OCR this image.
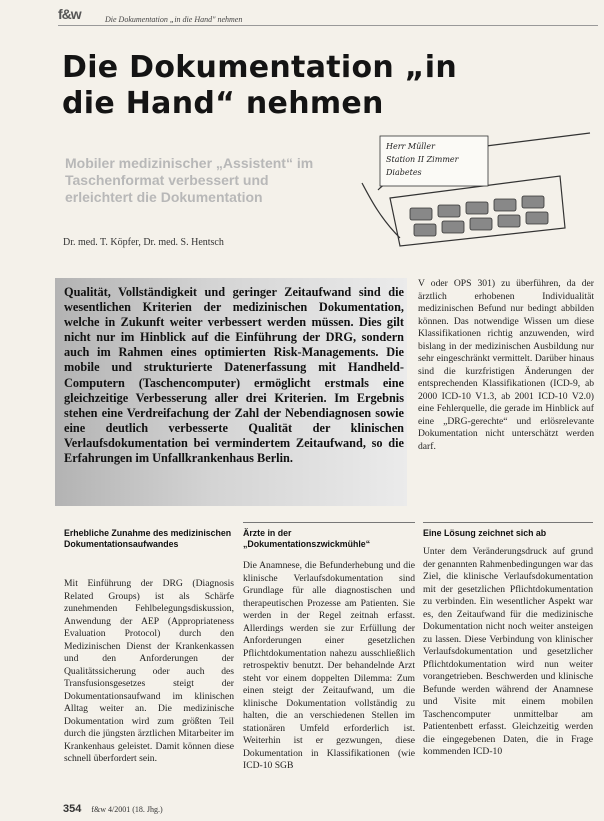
f&w	Die Dokumentation „in die Hand" nehmen
Die Dokumentation „in die Hand“ nehmen
Mobiler medizinischer „Assistent“ im Taschenformat verbessert und erleichtert die Dokumentation
Dr. med. T. Köpfer, Dr. med. S. Hentsch
Herr Müller Station II Zimmer Diabetes

Qualität, Vollständigkeit und geringer Zeitaufwand sind die wesentlichen Kriterien der medizinischen Dokumentation, welche in Zukunft weiter verbessert werden müssen. Dies gilt nicht nur im Hinblick auf die Einführung der DRG, sondern auch im Rahmen eines optimierten Risk-Managements. Die mobile und strukturierte Datenerfassung mit Handheld-Computern (Taschencomputer) ermöglicht erstmals eine gleichzeitige Verbesserung aller drei Kriterien. Im Ergebnis stehen eine Verdreifachung der Zahl der Nebendiagnosen sowie eine deutlich verbesserte Qualität der klinischen Verlaufsdokumentation bei vermindertem Zeitaufwand, so die Erfahrungen im Unfallkrankenhaus Berlin.

V oder OPS 301) zu überführen, da der ärztlich erhobenen Individualität medizinischen Befund nur bedingt abbilden können. Das notwendige Wissen um diese Klassifikationen richtig anzuwenden, wird bislang in der medizinischen Ausbildung nur sehr eingeschränkt vermittelt. Darüber hinaus sind die kurzfristigen Änderungen der entsprechenden Klassifikationen (ICD-9, ab 2000 ICD-10 V1.3, ab 2001 ICD-10 V2.0) eine Fehlerquelle, die gerade im Hinblick auf eine „DRG-gerechte“ und erlösrelevante Dokumentation nicht unterschätzt werden darf.

Erhebliche Zunahme des medizinischen Dokumentationsaufwandes

Mit Einführung der DRG (Diagnosis Related Groups) ist als Schärfe zunehmenden Fehlbelegungsdiskussion, Anwendung der AEP (Appropriateness Evaluation Protocol) durch den Medizinischen Dienst der Krankenkassen und den Anforderungen der Qualitätssicherung oder auch des Transfusionsgesetzes steigt der Dokumentationsaufwand im klinischen Alltag weiter an. Die medizinische Dokumentation wird zum größten Teil durch die jüngsten ärztlichen Mitarbeiter im Krankenhaus geleistet. Damit können diese schnell überfordert sein.

Ärzte in der „Dokumentationszwickmühle“

Die Anamnese, die Befunderhebung und die klinische Verlaufsdokumentation sind Grundlage für alle diagnostischen und therapeutischen Prozesse am Patienten. Sie werden in der Regel zeitnah erfasst. Allerdings werden sie zur Erfüllung der Anforderungen einer gesetzlichen Pflichtdokumentation nahezu ausschließlich retrospektiv benutzt. Der behandelnde Arzt steht vor einem doppelten Dilemma: Zum einen steigt der Zeitaufwand, um die klinische Dokumentation vollständig zu halten, die an verschiedenen Stellen im stationären Umfeld erforderlich ist. Weiterhin ist er gezwungen, diese Dokumentation in Klassifikationen (wie ICD-10 SGB

Eine Lösung zeichnet sich ab

Unter dem Veränderungsdruck auf grund der genannten Rahmenbedingungen war das Ziel, die klinische Verlaufsdokumentation mit der gesetzlichen Pflichtdokumentation zu verbinden. Ein wesentlicher Aspekt war es, den Zeitaufwand für die medizinische Dokumentation nicht noch weiter ansteigen zu lassen. Diese Verbindung von klinischer Verlaufsdokumentation und gesetzlicher Pflichtdokumentation wird nun weiter vorangetrieben. Beschwerden und klinische Befunde werden während der Anamnese und Visite mit einem mobilen Taschencomputer unmittelbar am Patientenbett erfasst. Gleichzeitig werden die eingegebenen Daten, die in Frage kommenden ICD-10

354 f&w 4/2001 (18. Jhg.)
